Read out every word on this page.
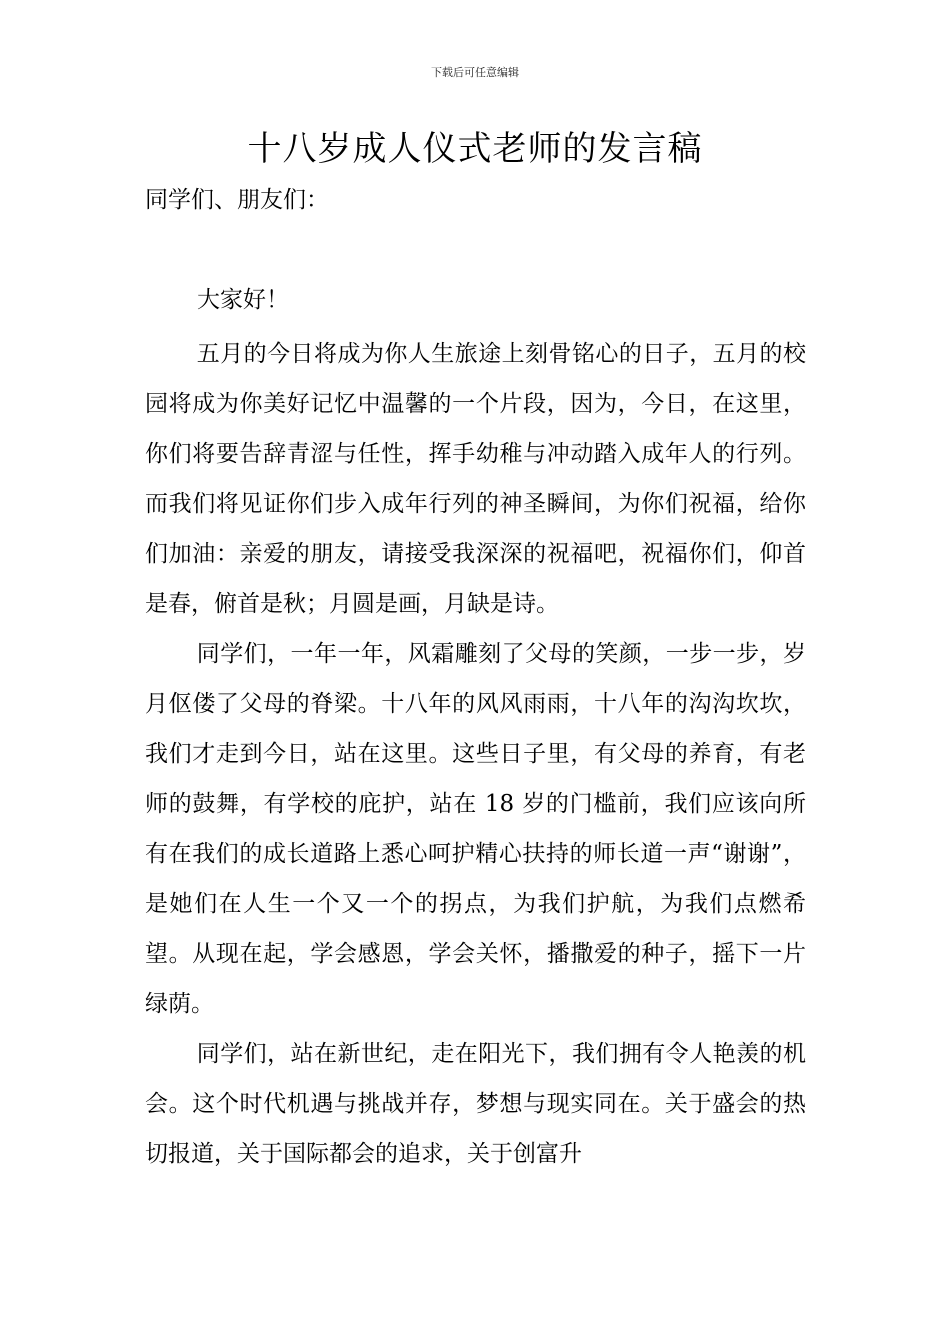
下载后可任意编辑
十八岁成人仪式老师的发言稿

同学们、朋友们：

大家好！

五月的今日将成为你人生旅途上刻骨铭心的日子，五月的校园将成为你美好记忆中温馨的一个片段，因为，今日，在这里，你们将要告辞青涩与任性，挥手幼稚与冲动踏入成年人的行列。而我们将见证你们步入成年行列的神圣瞬间，为你们祝福，给你们加油：亲爱的朋友，请接受我深深的祝福吧，祝福你们，仰首是春，俯首是秋；月圆是画，月缺是诗。

同学们，一年一年，风霜雕刻了父母的笑颜，一步一步，岁月伛偻了父母的脊梁。十八年的风风雨雨，十八年的沟沟坎坎，我们才走到今日，站在这里。这些日子里，有父母的养育，有老师的鼓舞，有学校的庇护，站在 18 岁的门槛前，我们应该向所有在我们的成长道路上悉心呵护精心扶持的师长道一声“谢谢”，是她们在人生一个又一个的拐点，为我们护航，为我们点燃希望。从现在起，学会感恩，学会关怀，播撒爱的种子，摇下一片绿荫。

同学们，站在新世纪，走在阳光下，我们拥有令人艳羡的机会。这个时代机遇与挑战并存，梦想与现实同在。关于盛会的热切报道，关于国际都会的追求，关于创富升
